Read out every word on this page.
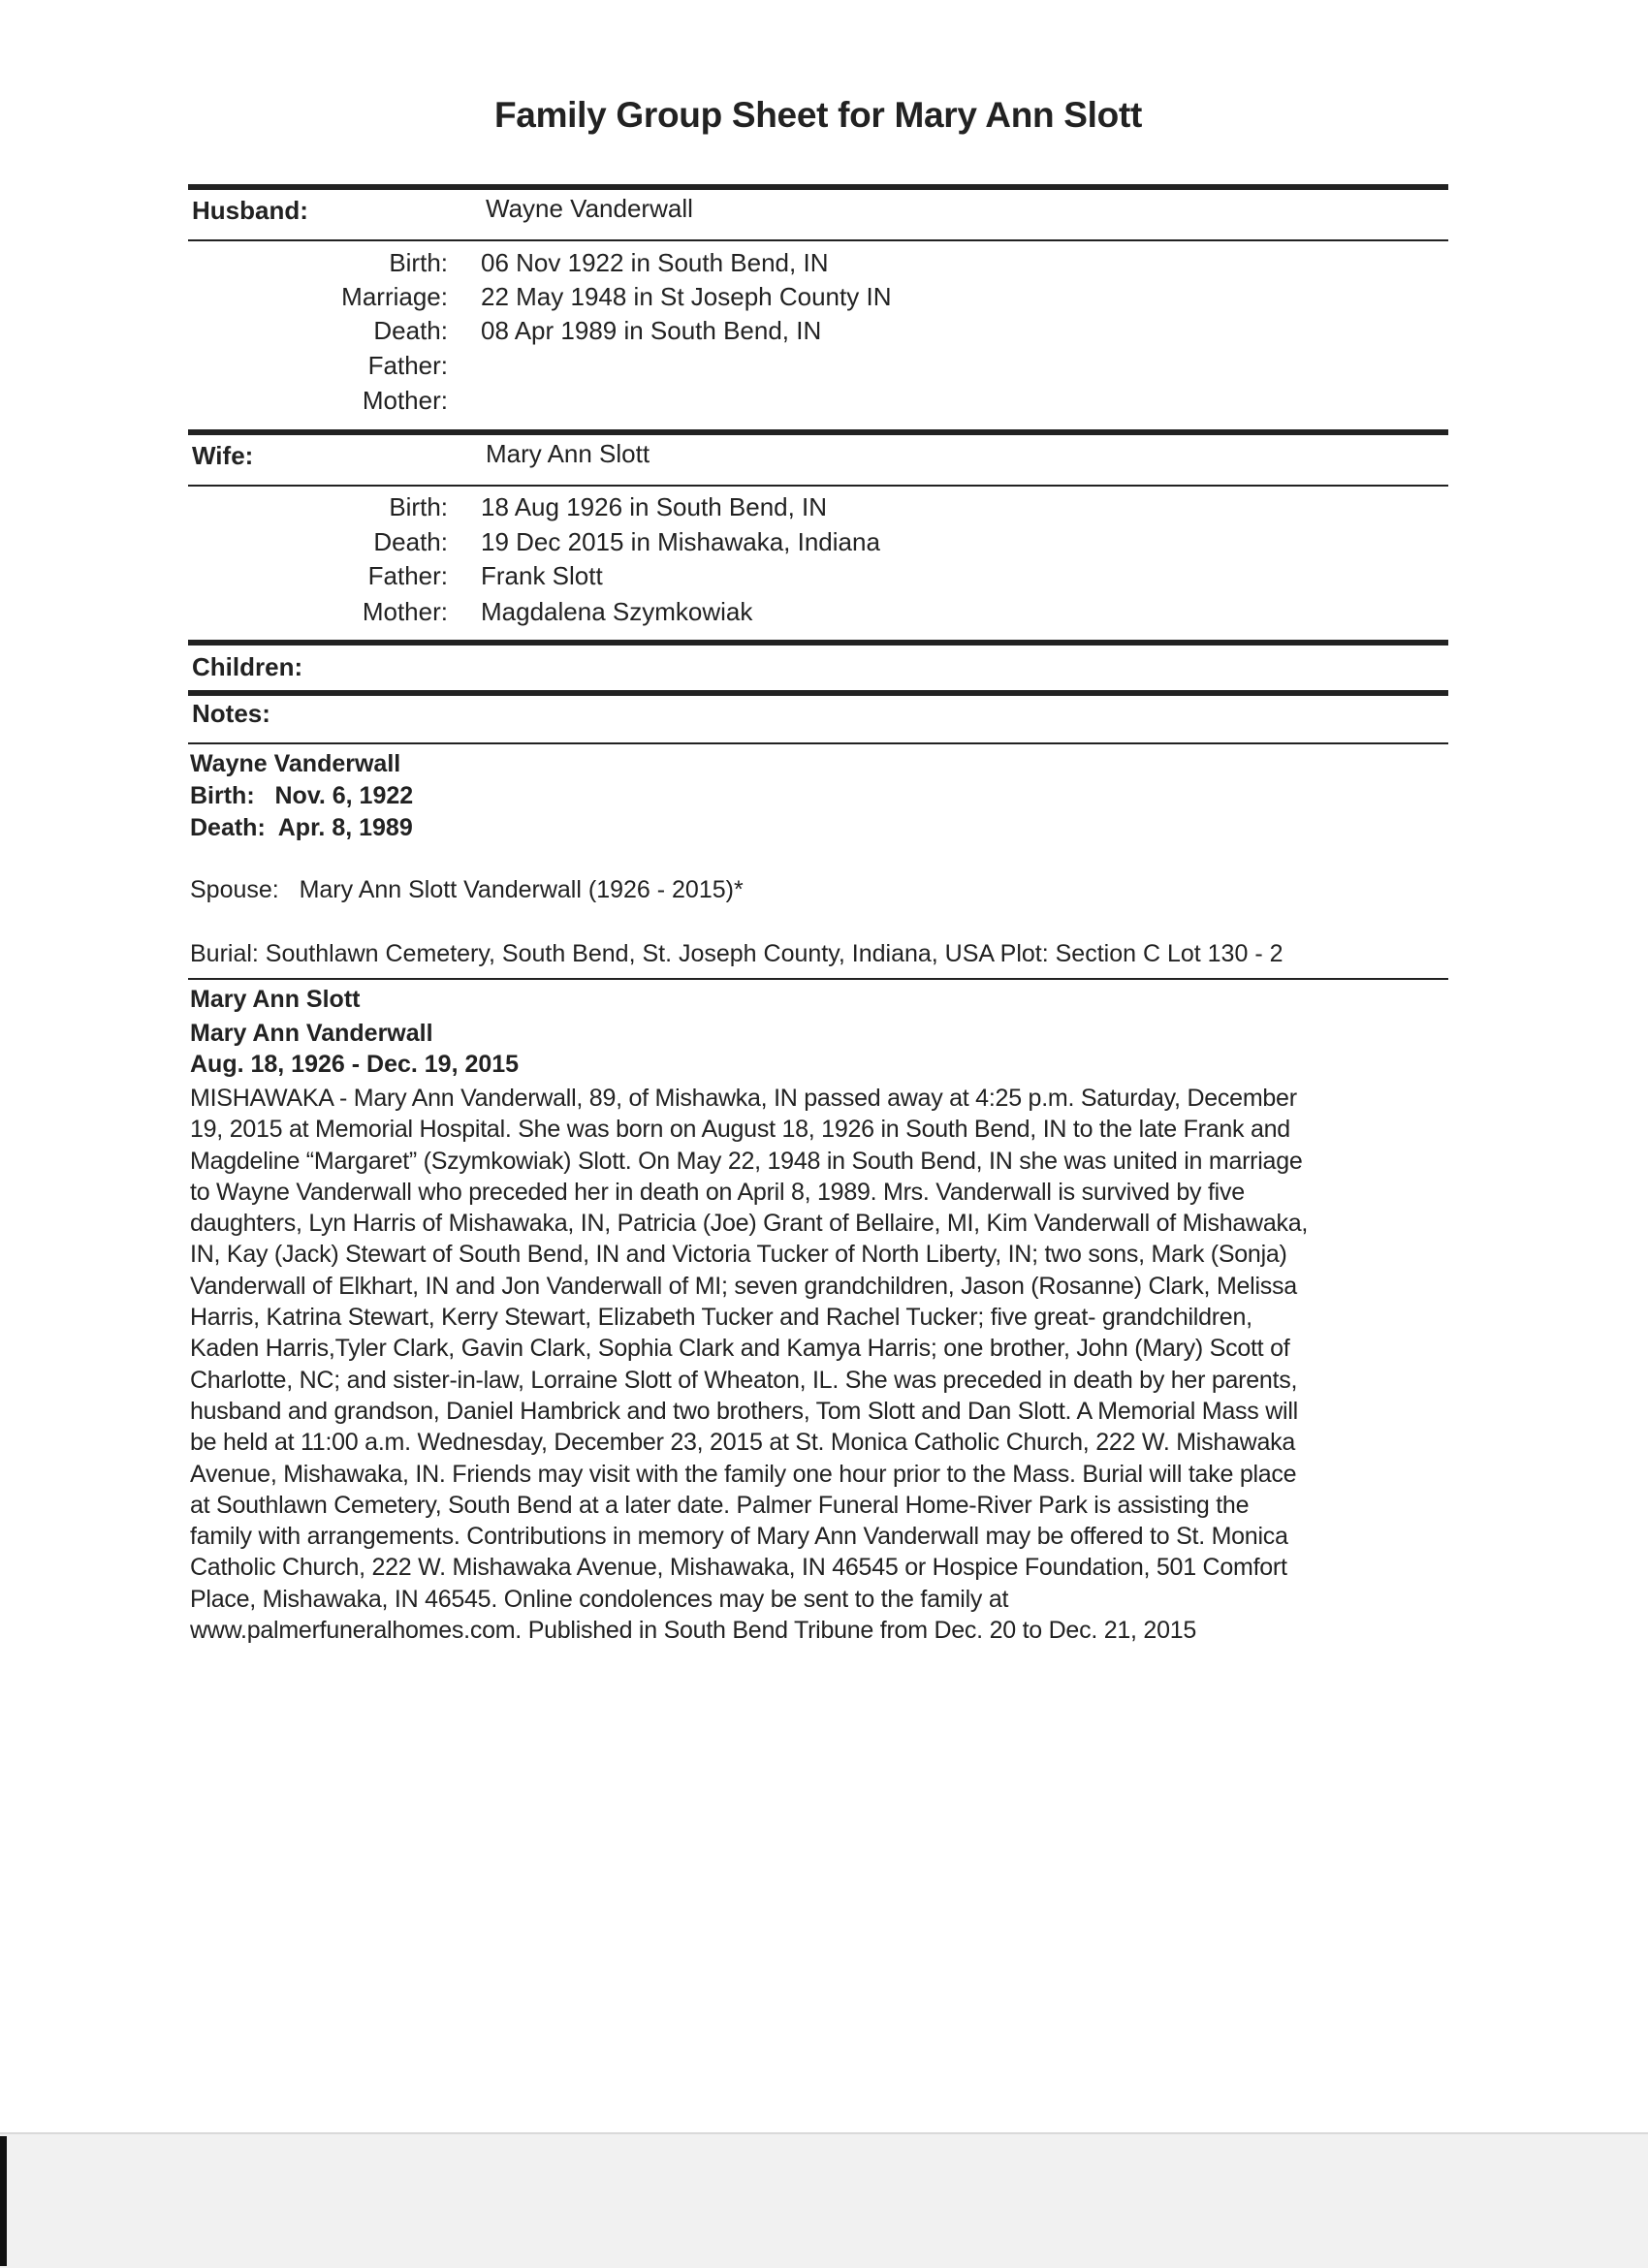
Family Group Sheet for Mary Ann Slott
Husband:	Wayne Vanderwall
Birth: 06 Nov 1922 in South Bend, IN
Marriage: 22 May 1948 in St Joseph County IN
Death: 08 Apr 1989 in South Bend, IN
Father:
Mother:
Wife:	Mary Ann Slott
Birth: 18 Aug 1926 in South Bend, IN
Death: 19 Dec 2015 in Mishawaka, Indiana
Father: Frank Slott
Mother: Magdalena Szymkowiak
Children:
Notes:
Wayne Vanderwall
Birth:   Nov. 6, 1922
Death:  Apr. 8, 1989
Spouse:   Mary Ann Slott Vanderwall (1926 - 2015)*
Burial: Southlawn Cemetery, South Bend, St. Joseph County, Indiana, USA Plot: Section C Lot 130 - 2
Mary Ann Slott
Mary Ann Vanderwall
Aug. 18, 1926 - Dec. 19, 2015
MISHAWAKA - Mary Ann Vanderwall, 89, of Mishawka, IN passed away at 4:25 p.m. Saturday, December
19, 2015 at Memorial Hospital. She was born on August 18, 1926 in South Bend, IN to the late Frank and
Magdeline “Margaret” (Szymkowiak) Slott. On May 22, 1948 in South Bend, IN she was united in marriage
to Wayne Vanderwall who preceded her in death on April 8, 1989. Mrs. Vanderwall is survived by five
daughters, Lyn Harris of Mishawaka, IN, Patricia (Joe) Grant of Bellaire, MI, Kim Vanderwall of Mishawaka,
IN, Kay (Jack) Stewart of South Bend, IN and Victoria Tucker of North Liberty, IN; two sons, Mark (Sonja)
Vanderwall of Elkhart, IN and Jon Vanderwall of MI; seven grandchildren, Jason (Rosanne) Clark, Melissa
Harris, Katrina Stewart, Kerry Stewart, Elizabeth Tucker and Rachel Tucker; five great- grandchildren,
Kaden Harris,Tyler Clark, Gavin Clark, Sophia Clark and Kamya Harris; one brother, John (Mary) Scott of
Charlotte, NC; and sister-in-law, Lorraine Slott of Wheaton, IL. She was preceded in death by her parents,
husband and grandson, Daniel Hambrick and two brothers, Tom Slott and Dan Slott. A Memorial Mass will
be held at 11:00 a.m. Wednesday, December 23, 2015 at St. Monica Catholic Church, 222 W. Mishawaka
Avenue, Mishawaka, IN. Friends may visit with the family one hour prior to the Mass. Burial will take place
at Southlawn Cemetery, South Bend at a later date. Palmer Funeral Home-River Park is assisting the
family with arrangements. Contributions in memory of Mary Ann Vanderwall may be offered to St. Monica
Catholic Church, 222 W. Mishawaka Avenue, Mishawaka, IN 46545 or Hospice Foundation, 501 Comfort
Place, Mishawaka, IN 46545. Online condolences may be sent to the family at
www.palmerfuneralhomes.com. Published in South Bend Tribune from Dec. 20 to Dec. 21, 2015
